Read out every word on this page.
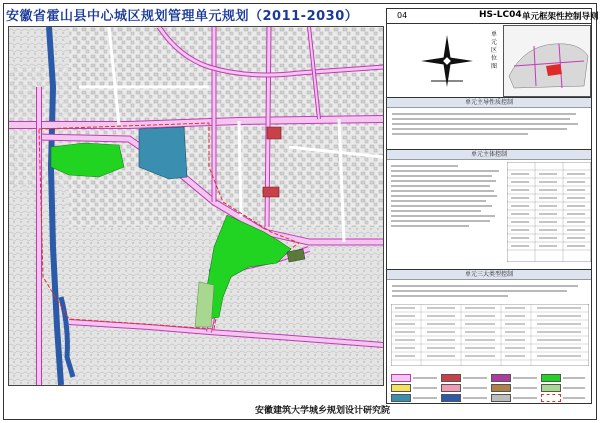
安徽省霍山县中心城区规划管理单元规划（2011-2030）
安徽建筑大学城乡规划设计研究院
04	HS-LC04 单元框架性控制导则
单元区位图
单元主导性质控制
单元主体控制
单元三大类型控制
